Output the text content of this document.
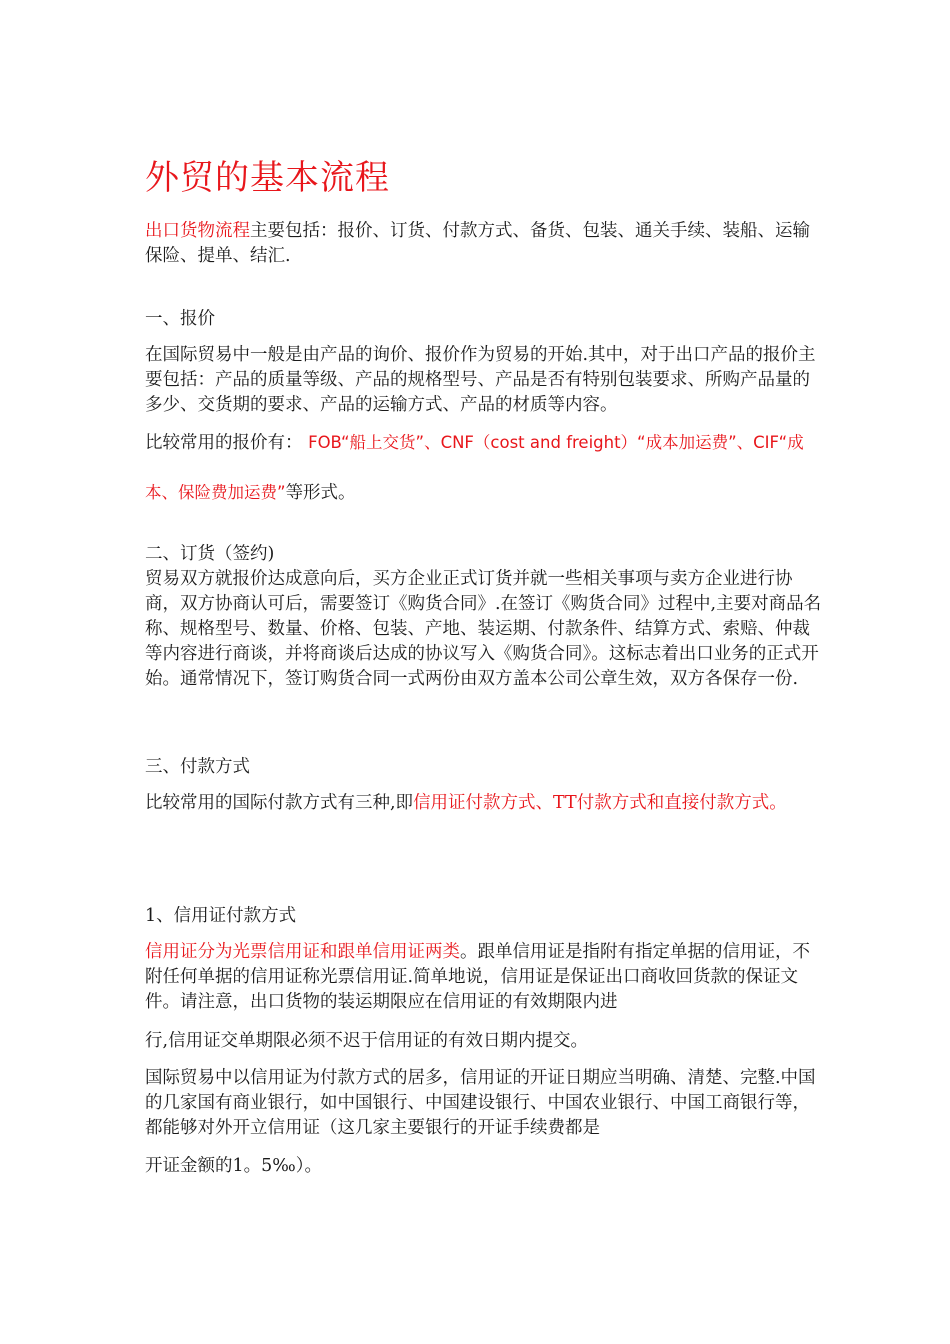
外贸的基本流程
出口货物流程主要包括：报价、订货、付款方式、备货、包装、通关手续、装船、运输保险、提单、结汇.
一、报价
在国际贸易中一般是由产品的询价、报价作为贸易的开始.其中，对于出口产品的报价主要包括：产品的质量等级、产品的规格型号、产品是否有特别包装要求、所购产品量的多少、交货期的要求、产品的运输方式、产品的材质等内容。
比较常用的报价有： FOB“船上交货”、CNF（cost and freight）“成本加运费”、CIF“成本、保险费加运费”等形式。
二、订货（签约)
贸易双方就报价达成意向后，买方企业正式订货并就一些相关事项与卖方企业进行协商，双方协商认可后，需要签订《购货合同》.在签订《购货合同》过程中,主要对商品名称、规格型号、数量、价格、包装、产地、装运期、付款条件、结算方式、索赔、仲裁等内容进行商谈，并将商谈后达成的协议写入《购货合同》。这标志着出口业务的正式开始。通常情况下，签订购货合同一式两份由双方盖本公司公章生效，双方各保存一份.
三、付款方式
比较常用的国际付款方式有三种,即信用证付款方式、TT付款方式和直接付款方式。
1、信用证付款方式
信用证分为光票信用证和跟单信用证两类。跟单信用证是指附有指定单据的信用证，不附任何单据的信用证称光票信用证.简单地说，信用证是保证出口商收回货款的保证文件。请注意，出口货物的装运期限应在信用证的有效期限内进
行,信用证交单期限必须不迟于信用证的有效日期内提交。
国际贸易中以信用证为付款方式的居多，信用证的开证日期应当明确、清楚、完整.中国的几家国有商业银行，如中国银行、中国建设银行、中国农业银行、中国工商银行等，都能够对外开立信用证（这几家主要银行的开证手续费都是
开证金额的1。5‰）。
